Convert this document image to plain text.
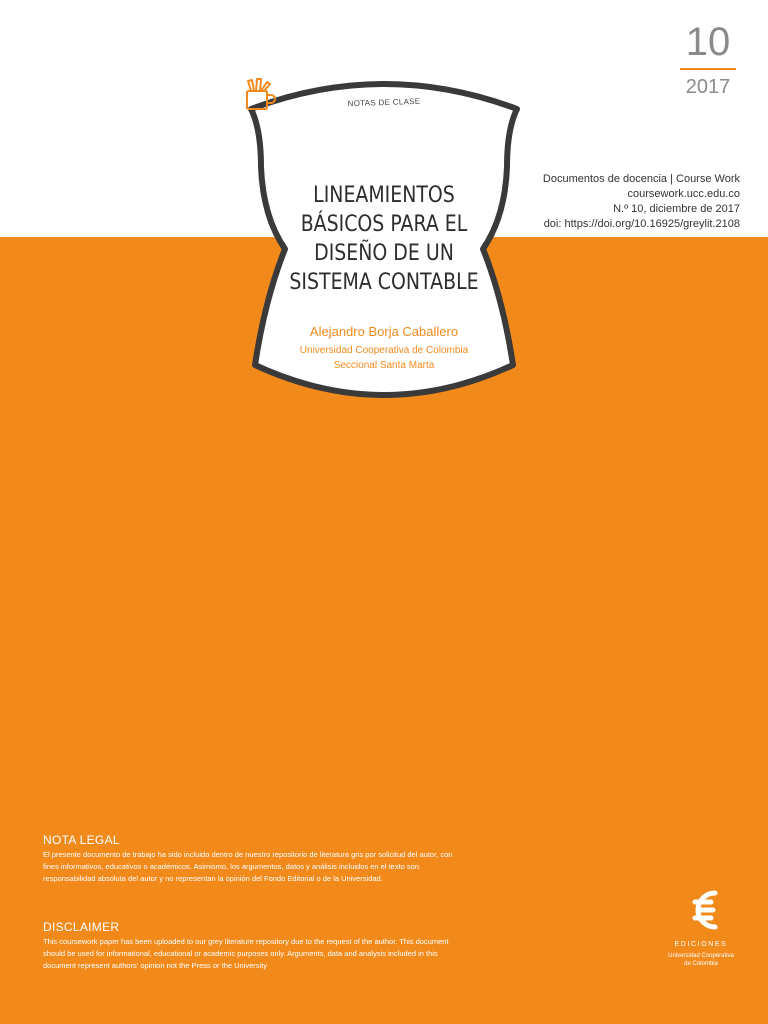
10
2017
Documentos de docencia | Course Work
coursework.ucc.edu.co
N.º 10, diciembre de 2017
doi: https://doi.org/10.16925/greylit.2108
NOTAS DE CLASE
LINEAMIENTOS
BÁSICOS PARA EL
DISEÑO DE UN
SISTEMA CONTABLE
Alejandro Borja Caballero
Universidad Cooperativa de Colombia
Seccional Santa Marta
NOTA LEGAL

El presente documento de trabajo ha sido incluido dentro de nuestro repositorio de literatura gris por solicitud del autor, con fines informativos, educativos o académicos. Asimismo, los argumentos, datos y análisis incluidos en el texto son responsabilidad absoluta del autor y no representan la opinión del Fondo Editorial o de la Universidad.

DISCLAIMER

This coursework paper has been uploaded to our grey literature repository due to the request of the author. This document should be used for informational, educational or academic purposes only. Arguments, data and analysis included in this document represent authors' opinion not the Press or the University

EDICIONES
Universidad Cooperativa
de Colombia
